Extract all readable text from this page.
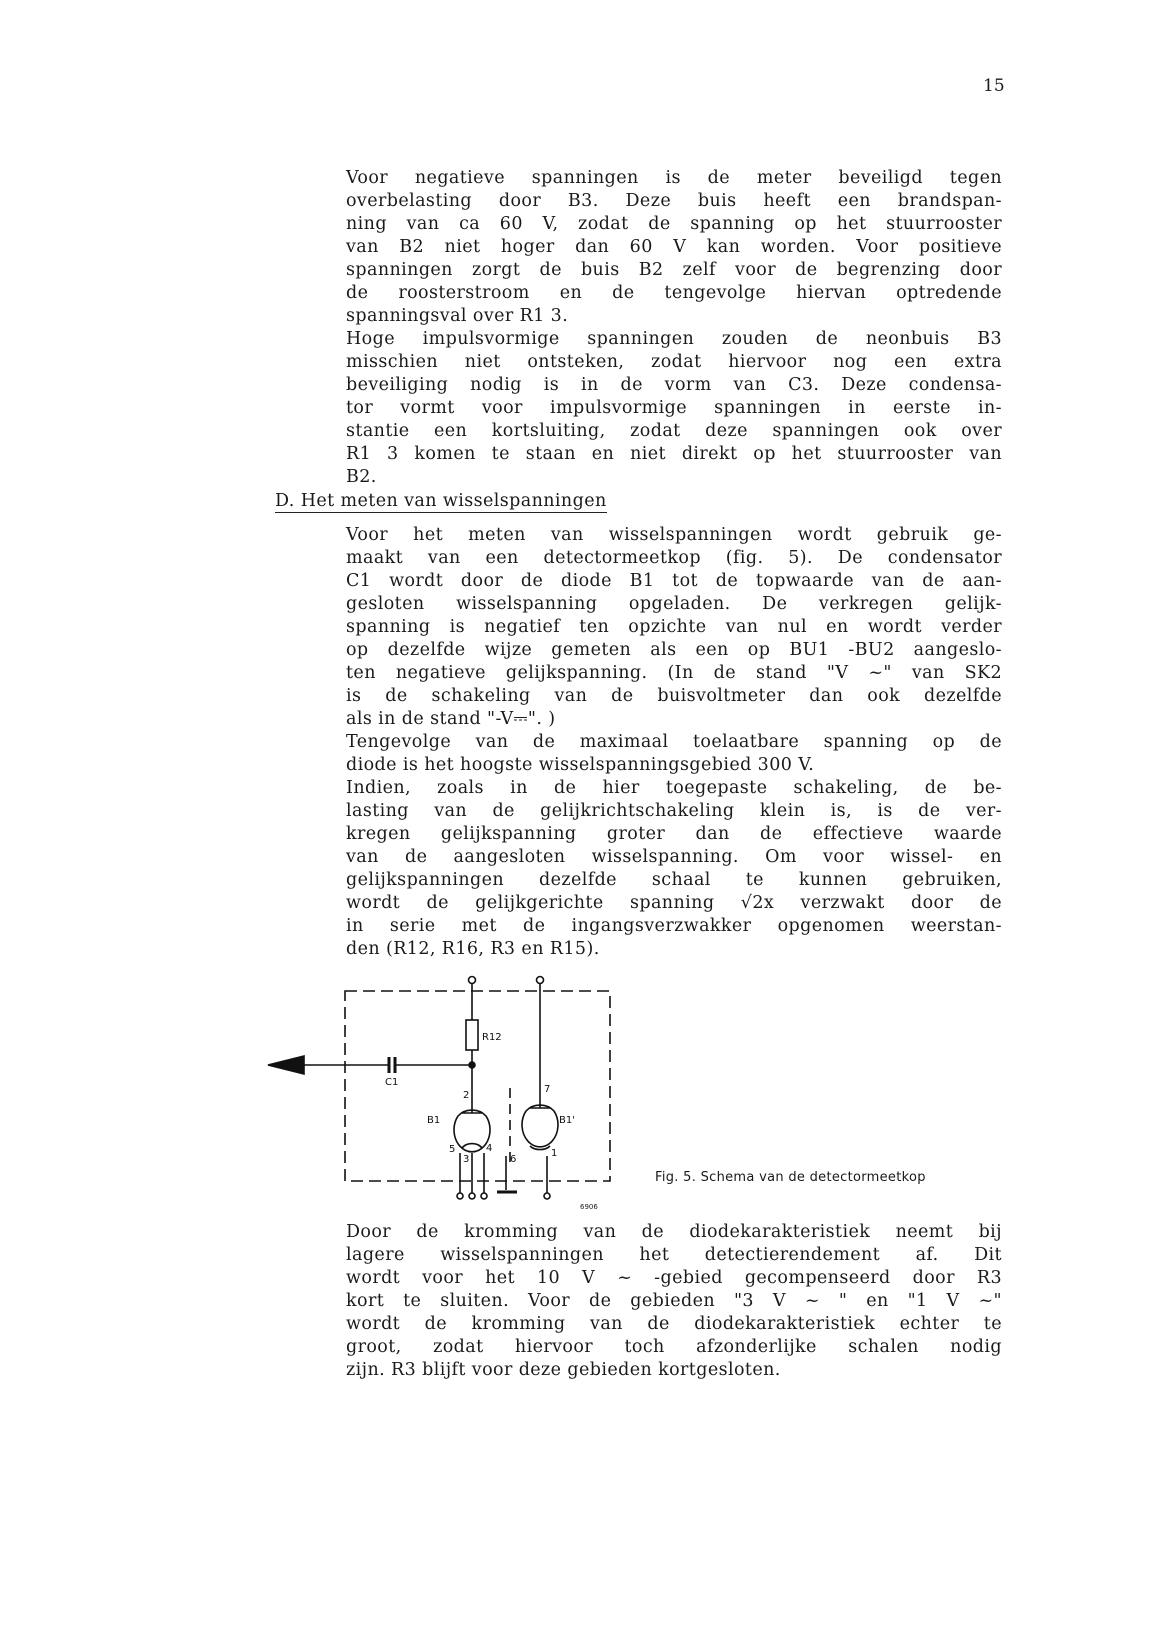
15
Voor negatieve spanningen is de meter beveiligd tegen
overbelasting door B3. Deze buis heeft een brandspan-
ning van ca 60 V, zodat de spanning op het stuurrooster
van B2 niet hoger dan 60 V kan worden. Voor positieve
spanningen zorgt de buis B2 zelf voor de begrenzing door
de roosterstroom en de tengevolge hiervan optredende
spanningsval over R1 3.
Hoge impulsvormige spanningen zouden de neonbuis B3
misschien niet ontsteken, zodat hiervoor nog een extra
beveiliging nodig is in de vorm van C3. Deze condensa-
tor vormt voor impulsvormige spanningen in eerste in-
stantie een kortsluiting, zodat deze spanningen ook over
R1 3 komen te staan en niet direkt op het stuurrooster van
B2.
D. Het meten van wisselspanningen
Voor het meten van wisselspanningen wordt gebruik ge-
maakt van een detectormeetkop (fig. 5). De condensator
C1 wordt door de diode B1 tot de topwaarde van de aan-
gesloten wisselspanning opgeladen. De verkregen gelijk-
spanning is negatief ten opzichte van nul en wordt verder
op dezelfde wijze gemeten als een op BU1 -BU2 aangeslo-
ten negatieve gelijkspanning. (In de stand "V ~" van SK2
is de schakeling van de buisvoltmeter dan ook dezelfde
als in de stand "-V⎓". )
Tengevolge van de maximaal toelaatbare spanning op de
diode is het hoogste wisselspanningsgebied 300 V.
Indien, zoals in de hier toegepaste schakeling, de be-
lasting van de gelijkrichtschakeling klein is, is de ver-
kregen gelijkspanning groter dan de effectieve waarde
van de aangesloten wisselspanning. Om voor wissel- en
gelijkspanningen dezelfde schaal te kunnen gebruiken,
wordt de gelijkgerichte spanning √2x verzwakt door de
in serie met de ingangsverzwakker opgenomen weerstan-
den (R12, R16, R3 en R15).
R12
C1
B1	B1'
2
7
5
3
4
6
1
Fig. 5. Schema van de detectormeetkop
6906
Door de kromming van de diodekarakteristiek neemt bij
lagere wisselspanningen het detectierendement af. Dit
wordt voor het 10 V ~ -gebied gecompenseerd door R3
kort te sluiten. Voor de gebieden "3 V ~ " en "1 V ~"
wordt de kromming van de diodekarakteristiek echter te
groot, zodat hiervoor toch afzonderlijke schalen nodig
zijn. R3 blijft voor deze gebieden kortgesloten.
